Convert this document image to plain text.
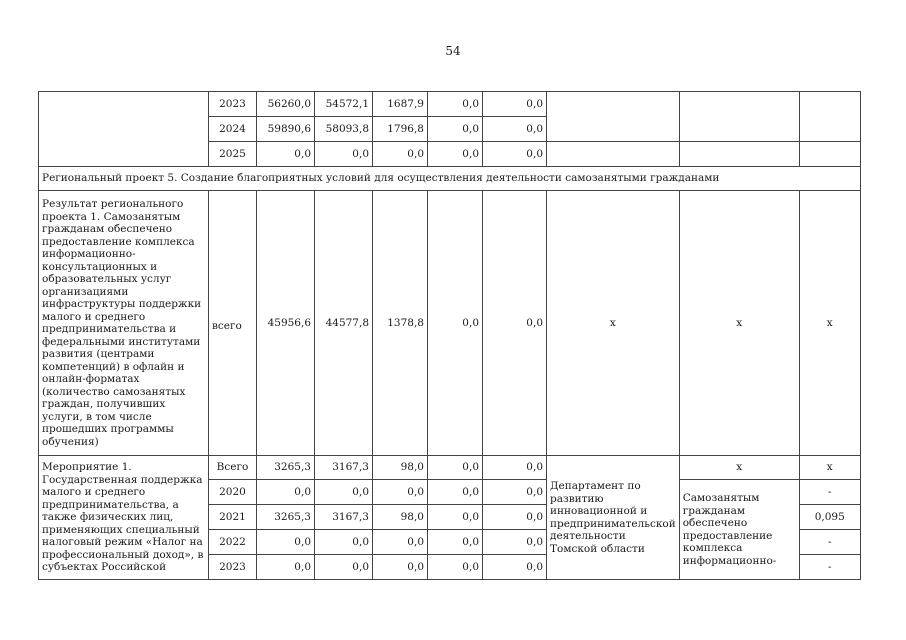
54
	2023	56260,0	54572,1	1687,9	0,0	0,0			
	2024	59890,6	58093,8	1796,8	0,0	0,0			
	2025	0,0	0,0	0,0	0,0	0,0			
Региональный проект 5. Создание благоприятных условий для осуществления деятельности самозанятыми гражданами									
Результат регионального проекта 1. Самозанятым гражданам обеспечено предоставление комплекса информационно-консультационных и образовательных услуг организациями инфраструктуры поддержки малого и среднего предпринимательства и федеральными институтами развития (центрами компетенций) в офлайн и онлайн-форматах (количество самозанятых граждан, получивших услуги, в том числе прошедших программы обучения)	всего	45956,6	44577,8	1378,8	0,0	0,0	x	x	x
Мероприятие 1. Государственная поддержка малого и среднего предпринимательства, а также физических лиц, применяющих специальный налоговый режим «Налог на профессиональный доход», в субъектах Российской	Всего	3265,3	3167,3	98,0	0,0	0,0	Департамент по развитию инновационной и предпринимательской деятельности Томской области	x	x
	2020	0,0	0,0	0,0	0,0	0,0		Самозанятым гражданам обеспечено предоставление комплекса информационно-	-
	2021	3265,3	3167,3	98,0	0,0	0,0			0,095
	2022	0,0	0,0	0,0	0,0	0,0			-
	2023	0,0	0,0	0,0	0,0	0,0			-
